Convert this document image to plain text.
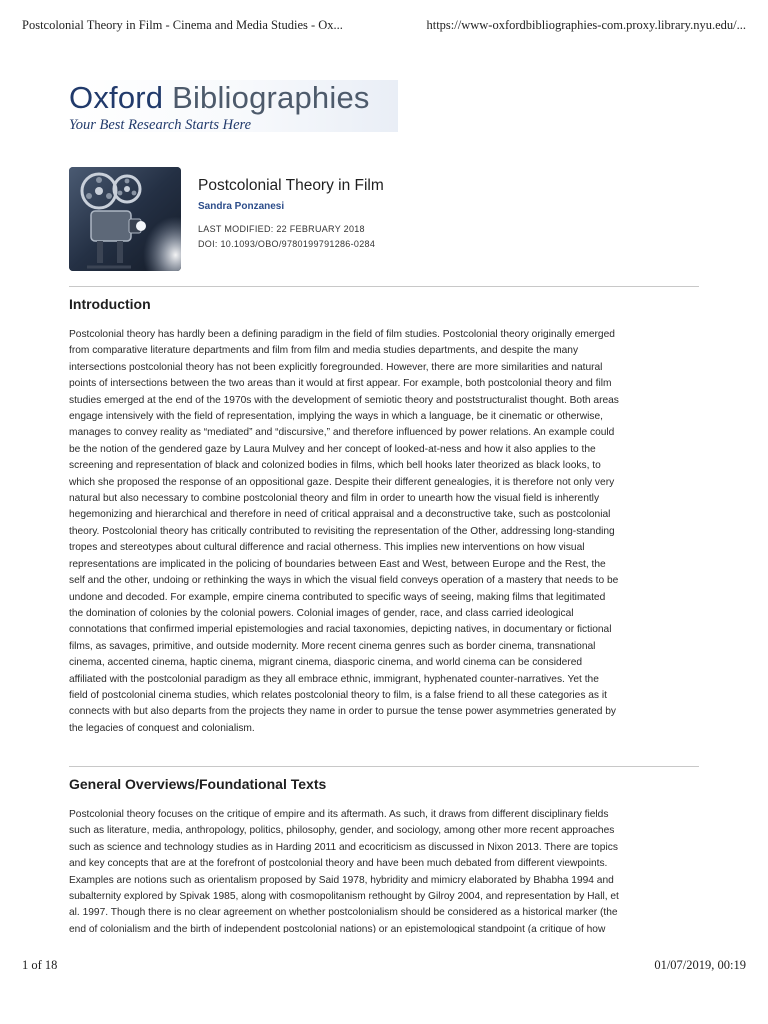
Postcolonial Theory in Film - Cinema and Media Studies - Ox...	https://www-oxfordbibliographies-com.proxy.library.nyu.edu/...
Oxford Bibliographies
Your Best Research Starts Here
Postcolonial Theory in Film
Sandra Ponzanesi
LAST MODIFIED: 22 FEBRUARY 2018
DOI: 10.1093/OBO/9780199791286-0284
Introduction

Postcolonial theory has hardly been a defining paradigm in the field of film studies. Postcolonial theory originally emerged

from comparative literature departments and film from film and media studies departments, and despite the many

intersections postcolonial theory has not been explicitly foregrounded. However, there are more similarities and natural

points of intersections between the two areas than it would at first appear. For example, both postcolonial theory and film

studies emerged at the end of the 1970s with the development of semiotic theory and poststructuralist thought. Both areas

engage intensively with the field of representation, implying the ways in which a language, be it cinematic or otherwise,

manages to convey reality as “mediated” and “discursive,” and therefore influenced by power relations. An example could

be the notion of the gendered gaze by Laura Mulvey and her concept of looked-at-ness and how it also applies to the

screening and representation of black and colonized bodies in films, which bell hooks later theorized as black looks, to

which she proposed the response of an oppositional gaze. Despite their different genealogies, it is therefore not only very

natural but also necessary to combine postcolonial theory and film in order to unearth how the visual field is inherently

hegemonizing and hierarchical and therefore in need of critical appraisal and a deconstructive take, such as postcolonial

theory. Postcolonial theory has critically contributed to revisiting the representation of the Other, addressing long-standing

tropes and stereotypes about cultural difference and racial otherness. This implies new interventions on how visual

representations are implicated in the policing of boundaries between East and West, between Europe and the Rest, the

self and the other, undoing or rethinking the ways in which the visual field conveys operation of a mastery that needs to be

undone and decoded. For example, empire cinema contributed to specific ways of seeing, making films that legitimated

the domination of colonies by the colonial powers. Colonial images of gender, race, and class carried ideological

connotations that confirmed imperial epistemologies and racial taxonomies, depicting natives, in documentary or fictional

films, as savages, primitive, and outside modernity. More recent cinema genres such as border cinema, transnational

cinema, accented cinema, haptic cinema, migrant cinema, diasporic cinema, and world cinema can be considered

affiliated with the postcolonial paradigm as they all embrace ethnic, immigrant, hyphenated counter-narratives. Yet the

field of postcolonial cinema studies, which relates postcolonial theory to film, is a false friend to all these categories as it

connects with but also departs from the projects they name in order to pursue the tense power asymmetries generated by

the legacies of conquest and colonialism.

General Overviews/Foundational Texts

Postcolonial theory focuses on the critique of empire and its aftermath. As such, it draws from different disciplinary fields

such as literature, media, anthropology, politics, philosophy, gender, and sociology, among other more recent approaches

such as science and technology studies as in Harding 2011 and ecocriticism as discussed in Nixon 2013. There are topics

and key concepts that are at the forefront of postcolonial theory and have been much debated from different viewpoints.

Examples are notions such as orientalism proposed by Said 1978, hybridity and mimicry elaborated by Bhabha 1994 and

subalternity explored by Spivak 1985, along with cosmopolitanism rethought by Gilroy 2004, and representation by Hall, et

al. 1997. Though there is no clear agreement on whether postcolonialism should be considered as a historical marker (the

end of colonialism and the birth of independent postcolonial nations) or an epistemological standpoint (a critique of how

1 of 18	01/07/2019, 00:19
